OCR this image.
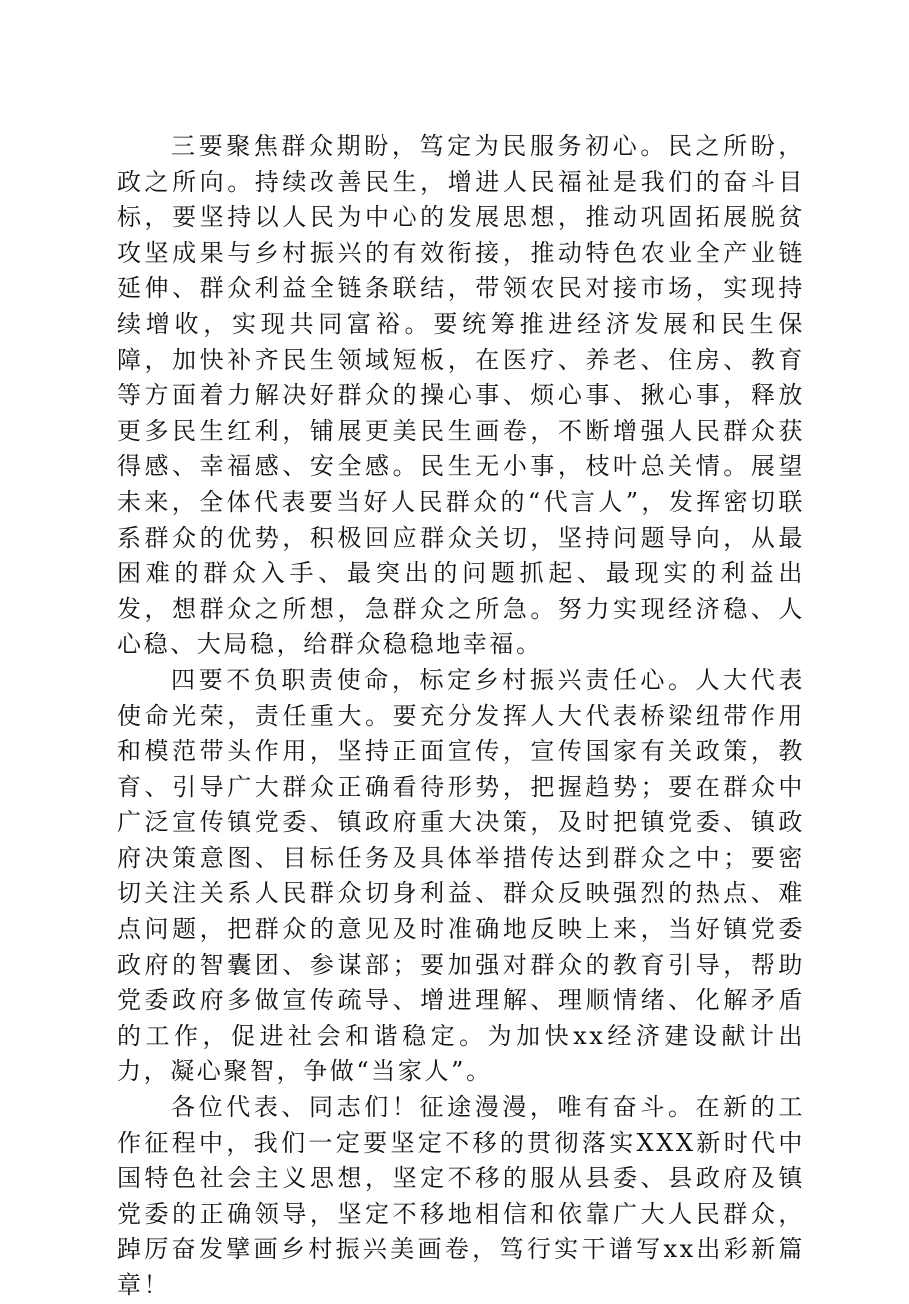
三要聚焦群众期盼，笃定为民服务初心。民之所盼，政之所向。持续改善民生，增进人民福祉是我们的奋斗目标，要坚持以人民为中心的发展思想，推动巩固拓展脱贫攻坚成果与乡村振兴的有效衔接，推动特色农业全产业链延伸、群众利益全链条联结，带领农民对接市场，实现持续增收，实现共同富裕。要统筹推进经济发展和民生保障，加快补齐民生领域短板，在医疗、养老、住房、教育等方面着力解决好群众的操心事、烦心事、揪心事，释放更多民生红利，铺展更美民生画卷，不断增强人民群众获得感、幸福感、安全感。民生无小事，枝叶总关情。展望未来，全体代表要当好人民群众的“代言人”，发挥密切联系群众的优势，积极回应群众关切，坚持问题导向，从最困难的群众入手、最突出的问题抓起、最现实的利益出发，想群众之所想，急群众之所急。努力实现经济稳、人心稳、大局稳，给群众稳稳地幸福。

四要不负职责使命，标定乡村振兴责任心。人大代表使命光荣，责任重大。要充分发挥人大代表桥梁纽带作用和模范带头作用，坚持正面宣传，宣传国家有关政策，教育、引导广大群众正确看待形势，把握趋势；要在群众中广泛宣传镇党委、镇政府重大决策，及时把镇党委、镇政府决策意图、目标任务及具体举措传达到群众之中；要密切关注关系人民群众切身利益、群众反映强烈的热点、难点问题，把群众的意见及时准确地反映上来，当好镇党委政府的智囊团、参谋部；要加强对群众的教育引导，帮助党委政府多做宣传疏导、增进理解、理顺情绪、化解矛盾的工作，促进社会和谐稳定。为加快xx经济建设献计出力，凝心聚智，争做“当家人”。

各位代表、同志们！征途漫漫，唯有奋斗。在新的工作征程中，我们一定要坚定不移的贯彻落实XXX新时代中国特色社会主义思想，坚定不移的服从县委、县政府及镇党委的正确领导，坚定不移地相信和依靠广大人民群众，踔厉奋发擘画乡村振兴美画卷，笃行实干谱写xx出彩新篇章！
